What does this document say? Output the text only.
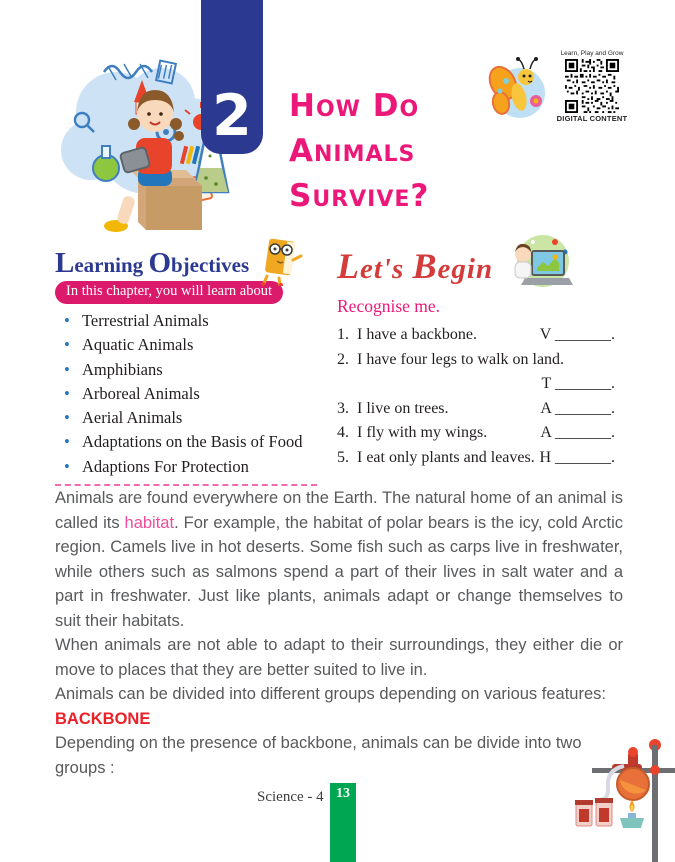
2 How Do Animals
Survive?
Learn, Play and Grow
DIGITAL CONTENT
Learning Objectives
In this chapter, you will learn about
• Terrestrial Animals
• Aquatic Animals
• Amphibians
• Arboreal Animals
• Aerial Animals
• Adaptations on the Basis of Food
• Adaptions For Protection
Let's Begin
Recognise me.
1. I have a backbone.	V _______.
2. I have four legs to walk on land.
T _______.
3. I live on trees.	A _______.
4. I fly with my wings.	A _______.
5. I eat only plants and leaves. H _______.

Animals are found everywhere on the Earth. The natural home of an animal is called its habitat. For example, the habitat of polar bears is the icy, cold Arctic region. Camels live in hot deserts. Some fish such as carps live in freshwater, while others such as salmons spend a part of their lives in salt water and a part in freshwater. Just like plants, animals adapt or change themselves to suit their habitats.

When animals are not able to adapt to their surroundings, they either die or move to places that they are better suited to live in.

Animals can be divided into different groups depending on various features:

BACKBONE

Depending on the presence of backbone, animals can be divide into two groups :

Science - 4 13
